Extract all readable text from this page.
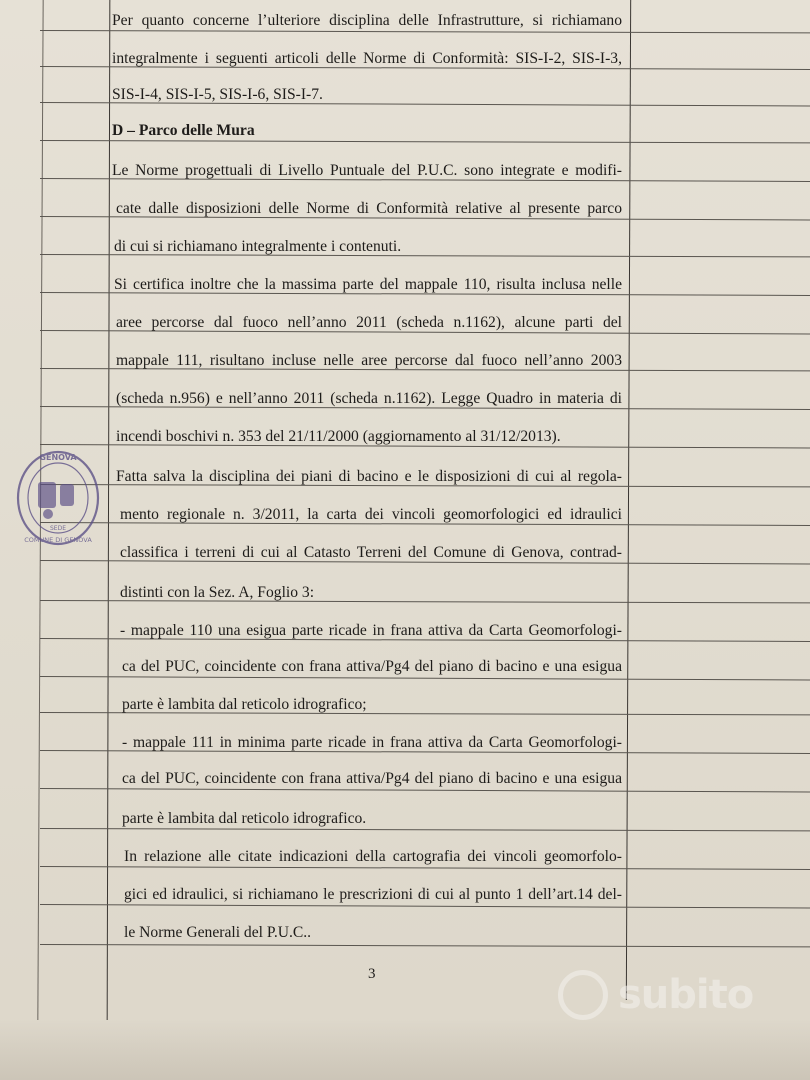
Per quanto concerne l’ulteriore disciplina delle Infrastrutture, si richiamano
integralmente i seguenti articoli delle Norme di Conformità: SIS-I-2, SIS-I-3,
SIS-I-4, SIS-I-5, SIS-I-6, SIS-I-7.
D – Parco delle Mura
Le Norme progettuali di Livello Puntuale del P.U.C. sono integrate e modifi-
cate dalle disposizioni delle Norme di Conformità relative al presente parco
di cui si richiamano integralmente i contenuti.
Si certifica inoltre che la massima parte del mappale 110, risulta inclusa nelle
aree percorse dal fuoco nell’anno 2011 (scheda n.1162), alcune parti del
mappale 111, risultano incluse nelle aree percorse dal fuoco nell’anno 2003
(scheda n.956) e nell’anno 2011 (scheda n.1162). Legge Quadro in materia di
incendi boschivi n. 353 del 21/11/2000 (aggiornamento al 31/12/2013).
Fatta salva la disciplina dei piani di bacino e le disposizioni di cui al regola-
mento regionale n. 3/2011, la carta dei vincoli geomorfologici ed idraulici
classifica i terreni di cui al Catasto Terreni del Comune di Genova, contrad-
distinti con la Sez. A, Foglio 3:
- mappale 110 una esigua parte ricade in frana attiva da Carta Geomorfologi-
ca del PUC, coincidente con frana attiva/Pg4 del piano di bacino e una esigua
parte è lambita dal reticolo idrografico;
- mappale 111 in minima parte ricade in frana attiva da Carta Geomorfologi-
ca del PUC, coincidente con frana attiva/Pg4 del piano di bacino e una esigua
parte è lambita dal reticolo idrografico.
In relazione alle citate indicazioni della cartografia dei vincoli geomorfolo-
gici ed idraulici, si richiamano le prescrizioni di cui al punto 1 dell’art.14 del-
le Norme Generali del P.U.C..
3
GENOVA
COMUNE DI GENOVA
SEDE
subito
